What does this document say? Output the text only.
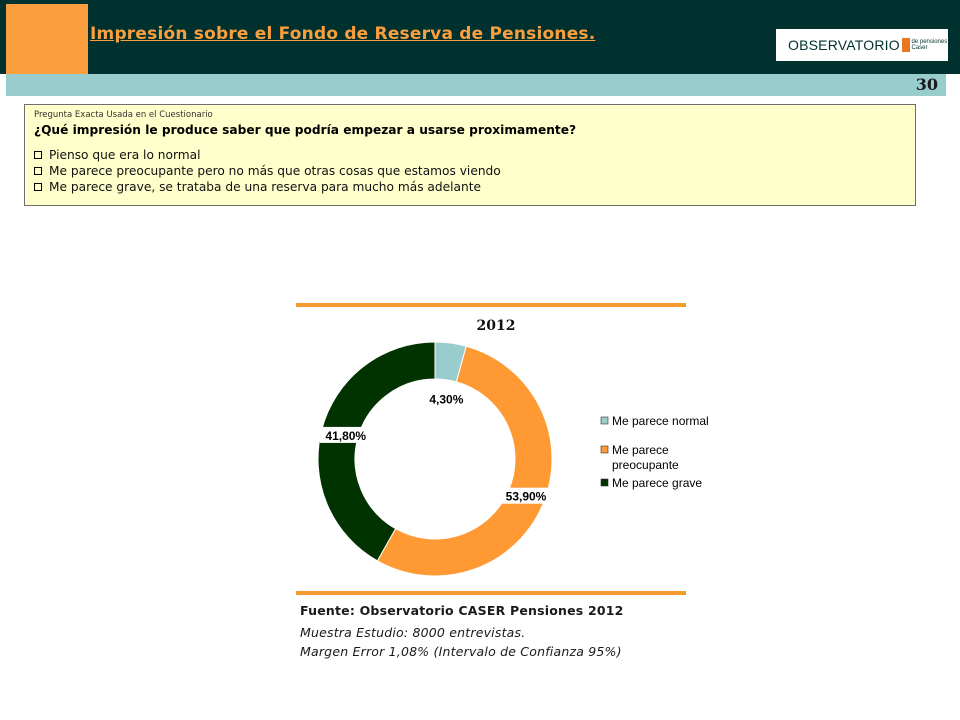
Impresión sobre el Fondo de Reserva de Pensiones.
OBSERVATORIO de pensiones Caser
30
Pregunta Exacta Usada en el Cuestionario
¿Qué impresión le produce saber que podría empezar a usarse proximamente?
Pienso que era lo normal
Me parece preocupante pero no más que otras cosas que estamos viendo
Me parece grave, se trataba de una reserva para mucho más adelante
2012
4,30%
53,90%
41,80%
Me parece normal
Me parece
preocupante
Me parece grave
Fuente: Observatorio CASER Pensiones 2012
Muestra Estudio: 8000 entrevistas.
Margen Error 1,08% (Intervalo de Confianza 95%)
